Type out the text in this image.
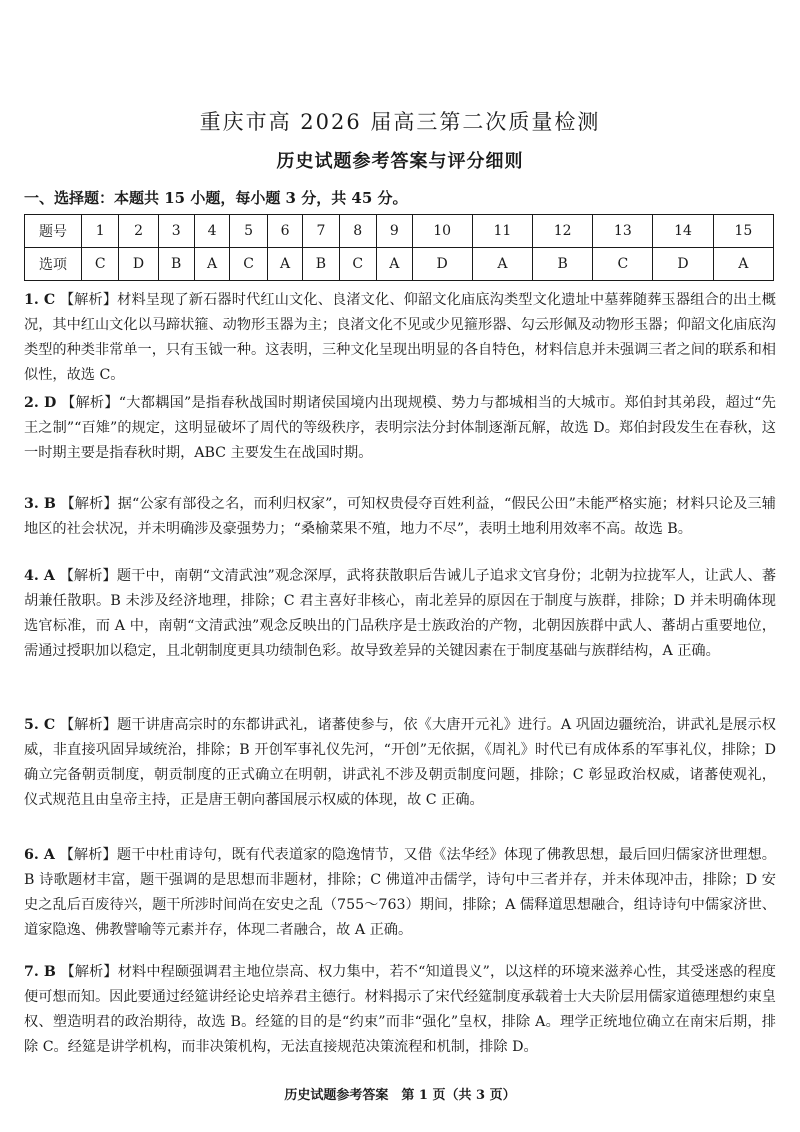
重庆市高 2026 届高三第二次质量检测
历史试题参考答案与评分细则
一、选择题：本题共 15 小题，每小题 3 分，共 45 分。
题号	1	2	3	4	5	6	7	8	9	10	11	12	13	14	15
选项	C	D	B	A	C	A	B	C	A	D	A	B	C	D	A
1. C 【解析】材料呈现了新石器时代红山文化、良渚文化、仰韶文化庙底沟类型文化遗址中墓葬随葬玉器组合的出土概况，其中红山文化以马蹄状箍、动物形玉器为主；良渚文化不见或少见箍形器、勾云形佩及动物形玉器；仰韶文化庙底沟类型的种类非常单一，只有玉钺一种。这表明，三种文化呈现出明显的各自特色，材料信息并未强调三者之间的联系和相似性，故选 C。
2. D 【解析】“大都耦国”是指春秋战国时期诸侯国境内出现规模、势力与都城相当的大城市。郑伯封其弟段，超过“先王之制”“百雉”的规定，这明显破坏了周代的等级秩序，表明宗法分封体制逐渐瓦解，故选 D。郑伯封段发生在春秋，这一时期主要是指春秋时期，ABC 主要发生在战国时期。
3. B 【解析】据“公家有部役之名，而利归权家”，可知权贵侵夺百姓利益，“假民公田”未能严格实施；材料只论及三辅地区的社会状况，并未明确涉及豪强势力；“桑榆菜果不殖，地力不尽”，表明土地利用效率不高。故选 B。
4. A 【解析】题干中，南朝“文清武浊”观念深厚，武将获散职后告诫儿子追求文官身份；北朝为拉拢军人，让武人、蕃胡兼任散职。B 未涉及经济地理，排除；C 君主喜好非核心，南北差异的原因在于制度与族群，排除；D 并未明确体现选官标准，而 A 中，南朝“文清武浊”观念反映出的门品秩序是士族政治的产物，北朝因族群中武人、蕃胡占重要地位，需通过授职加以稳定，且北朝制度更具功绩制色彩。故导致差异的关键因素在于制度基础与族群结构，A 正确。
5. C 【解析】题干讲唐高宗时的东都讲武礼，诸蕃使参与，依《大唐开元礼》进行。A 巩固边疆统治，讲武礼是展示权威，非直接巩固异域统治，排除；B 开创军事礼仪先河，“开创”无依据，《周礼》时代已有成体系的军事礼仪，排除；D 确立完备朝贡制度，朝贡制度的正式确立在明朝，讲武礼不涉及朝贡制度问题，排除；C 彰显政治权威，诸蕃使观礼，仪式规范且由皇帝主持，正是唐王朝向蕃国展示权威的体现，故 C 正确。
6. A 【解析】题干中杜甫诗句，既有代表道家的隐逸情节，又借《法华经》体现了佛教思想，最后回归儒家济世理想。B 诗歌题材丰富，题干强调的是思想而非题材，排除；C 佛道冲击儒学，诗句中三者并存，并未体现冲击，排除；D 安史之乱后百废待兴，题干所涉时间尚在安史之乱（755～763）期间，排除；A 儒释道思想融合，组诗诗句中儒家济世、道家隐逸、佛教譬喻等元素并存，体现二者融合，故 A 正确。
7. B 【解析】材料中程颐强调君主地位崇高、权力集中，若不“知道畏义”，以这样的环境来滋养心性，其受迷惑的程度便可想而知。因此要通过经筵讲经论史培养君主德行。材料揭示了宋代经筵制度承载着士大夫阶层用儒家道德理想约束皇权、塑造明君的政治期待，故选 B。经筵的目的是“约束”而非“强化”皇权，排除 A。理学正统地位确立在南宋后期，排除 C。经筵是讲学机构，而非决策机构，无法直接规范决策流程和机制，排除 D。
历史试题参考答案　第 1 页（共 3 页）
